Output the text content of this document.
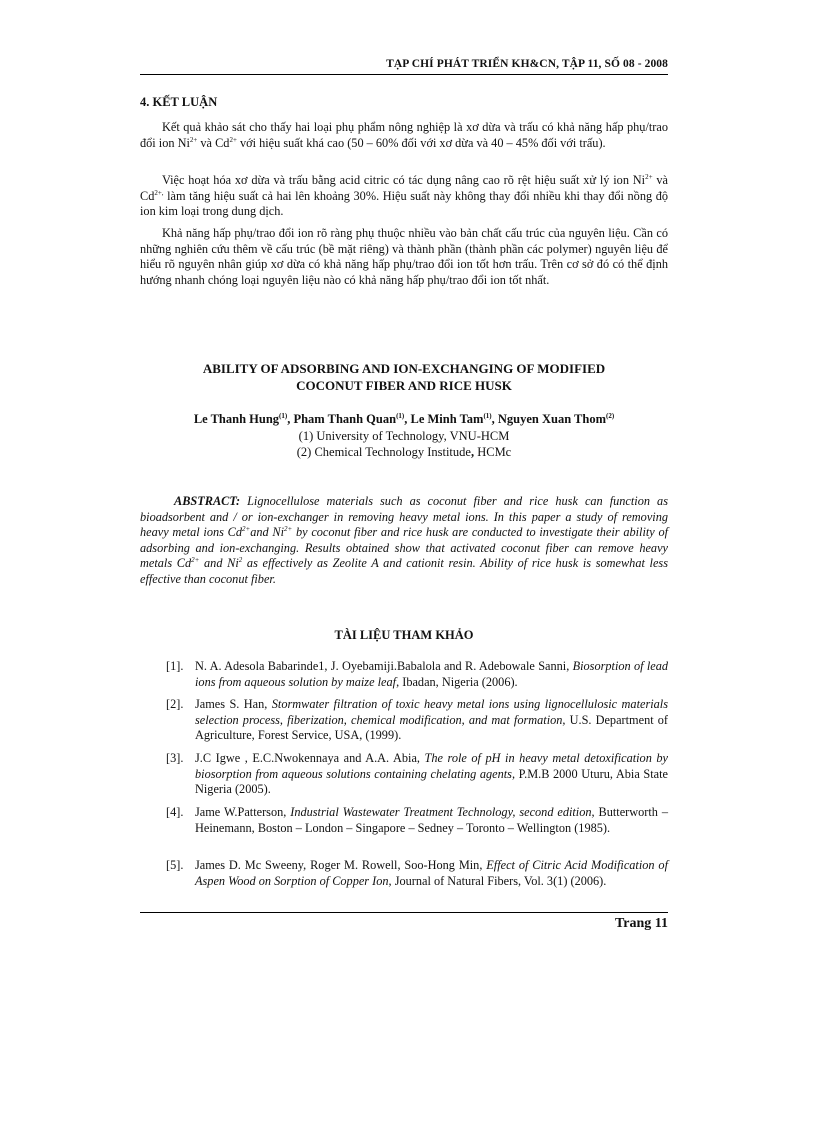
TẠP CHÍ PHÁT TRIỂN KH&CN, TẬP 11, SỐ 08 - 2008
4. KẾT LUẬN

Kết quả khảo sát cho thấy hai loại phụ phẩm nông nghiệp là xơ dừa và trấu có khả năng hấp phụ/trao đổi ion $Ni^{2+}$ và $Cd^{2+}$ với hiệu suất khá cao (50 – 60% đối với xơ dừa và 40 – 45% đối với trấu).

Việc hoạt hóa xơ dừa và trấu bằng acid citric có tác dụng nâng cao rõ rệt hiệu suất xử lý ion $Ni^{2+}$ và $Cd^{2+,}$ làm tăng hiệu suất cả hai lên khoảng 30%. Hiệu suất này không thay đổi nhiều khi thay đổi nồng độ ion kim loại trong dung dịch.

Khả năng hấp phụ/trao đổi ion rõ ràng phụ thuộc nhiều vào bản chất cấu trúc của nguyên liệu. Cần có những nghiên cứu thêm về cấu trúc (bề mặt riêng) và thành phần (thành phần các polymer) nguyên liệu để hiểu rõ nguyên nhân giúp xơ dừa có khả năng hấp phụ/trao đổi ion tốt hơn trấu. Trên cơ sở đó có thể định hướng nhanh chóng loại nguyên liệu nào có khả năng hấp phụ/trao đổi ion tốt nhất.

ABILITY OF ADSORBING AND ION-EXCHANGING OF MODIFIED
COCONUT FIBER AND RICE HUSK
Le Thanh Hung$^{(1)}$, Pham Thanh Quan$^{(1)}$, Le Minh Tam$^{(1)}$, Nguyen Xuan Thom$^{(2)}$
(1) University of Technology, VNU-HCM
(2) Chemical Technology Institude, HCMc

ABSTRACT: Lignocellulose materials such as coconut fiber and rice husk can function as bioadsorbent and / or ion-exchanger in removing heavy metal ions. In this paper a study of removing heavy metal ions $Cd^{2+}and$ $Ni^{2+}$ by coconut fiber and rice husk are conducted to investigate their ability of adsorbing and ion-exchanging. Results obtained show that activated coconut fiber can remove heavy metals $Cd^{2+}$ and Ni$^2$ as effectively as Zeolite A and cationit resin. Ability of rice husk is somewhat less effective than coconut fiber.

TÀI LIỆU THAM KHẢO
[1]. N. A. Adesola Babarinde1, J. Oyebamiji.Babalola and R. Adebowale Sanni, Biosorption of lead ions from aqueous solution by maize leaf, Ibadan, Nigeria (2006).
[2]. James S. Han, Stormwater filtration of toxic heavy metal ions using lignocellulosic materials selection process, fiberization, chemical modification, and mat formation, U.S. Department of Agriculture, Forest Service, USA, (1999).
[3]. J.C Igwe , E.C.Nwokennaya and A.A. Abia, The role of pH in heavy metal detoxification by biosorption from aqueous solutions containing chelating agents, P.M.B 2000 Uturu, Abia State Nigeria (2005).
[4]. Jame W.Patterson, Industrial Wastewater Treatment Technology, second edition, Butterworth – Heinemann, Boston – London – Singapore – Sedney – Toronto – Wellington (1985).
[5]. James D. Mc Sweeny, Roger M. Rowell, Soo-Hong Min, Effect of Citric Acid Modification of Aspen Wood on Sorption of Copper Ion, Journal of Natural Fibers, Vol. 3(1) (2006).
Trang 11
